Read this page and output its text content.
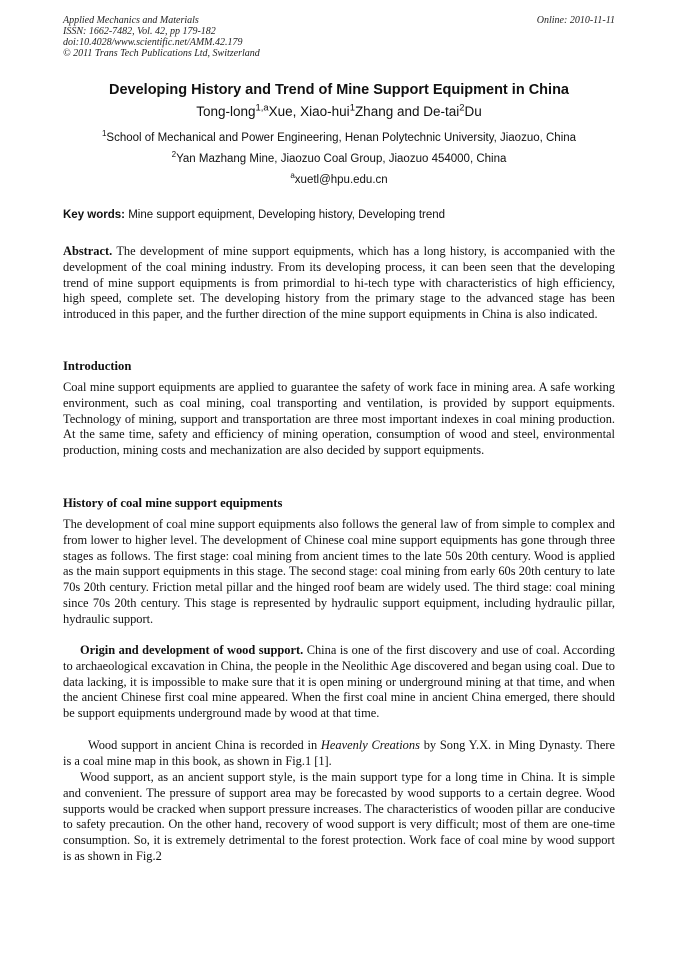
Applied Mechanics and Materials
ISSN: 1662-7482, Vol. 42, pp 179-182
doi:10.4028/www.scientific.net/AMM.42.179
© 2011 Trans Tech Publications Ltd, Switzerland
Online: 2010-11-11
Developing History and Trend of Mine Support Equipment in China
Tong-long$^{1,a}$Xue, Xiao-hui$^1$Zhang and De-tai$^2$Du
$^1$School of Mechanical and Power Engineering, Henan Polytechnic University, Jiaozuo, China
$^2$Yan Mazhang Mine, Jiaozuo Coal Group, Jiaozuo 454000, China
$^a$xuetl@hpu.edu.cn
Key words: Mine support equipment, Developing history, Developing trend
Abstract. The development of mine support equipments, which has a long history, is accompanied with the development of the coal mining industry. From its developing process, it can been seen that the developing trend of mine support equipments is from primordial to hi-tech type with characteristics of high efficiency, high speed, complete set. The developing history from the primary stage to the advanced stage has been introduced in this paper, and the further direction of the mine support equipments in China is also indicated.
Introduction
Coal mine support equipments are applied to guarantee the safety of work face in mining area. A safe working environment, such as coal mining, coal transporting and ventilation, is provided by support equipments. Technology of mining, support and transportation are three most important indexes in coal mining production. At the same time, safety and efficiency of mining operation, consumption of wood and steel, environmental production, mining costs and mechanization are also decided by support equipments.
History of coal mine support equipments
The development of coal mine support equipments also follows the general law of from simple to complex and from lower to higher level. The development of Chinese coal mine support equipments has gone through three stages as follows. The first stage: coal mining from ancient times to the late 50s 20th century. Wood is applied as the main support equipments in this stage. The second stage: coal mining from early 60s 20th century to late 70s 20th century. Friction metal pillar and the hinged roof beam are widely used. The third stage: coal mining since 70s 20th century. This stage is represented by hydraulic support equipment, including hydraulic pillar, hydraulic support.
Origin and development of wood support. China is one of the first discovery and use of coal. According to archaeological excavation in China, the people in the Neolithic Age discovered and began using coal. Due to data lacking, it is impossible to make sure that it is open mining or underground mining at that time, and when the ancient Chinese first coal mine appeared. When the first coal mine in ancient China emerged, there should be support equipments underground made by wood at that time.
Wood support in ancient China is recorded in Heavenly Creations by Song Y.X. in Ming Dynasty. There is a coal mine map in this book, as shown in Fig.1 [1].
Wood support, as an ancient support style, is the main support type for a long time in China. It is simple and convenient. The pressure of support area may be forecasted by wood supports to a certain degree. Wood supports would be cracked when support pressure increases. The characteristics of wooden pillar are conducive to safety precaution. On the other hand, recovery of wood support is very difficult; most of them are one-time consumption. So, it is extremely detrimental to the forest protection. Work face of coal mine by wood support is as shown in Fig.2
